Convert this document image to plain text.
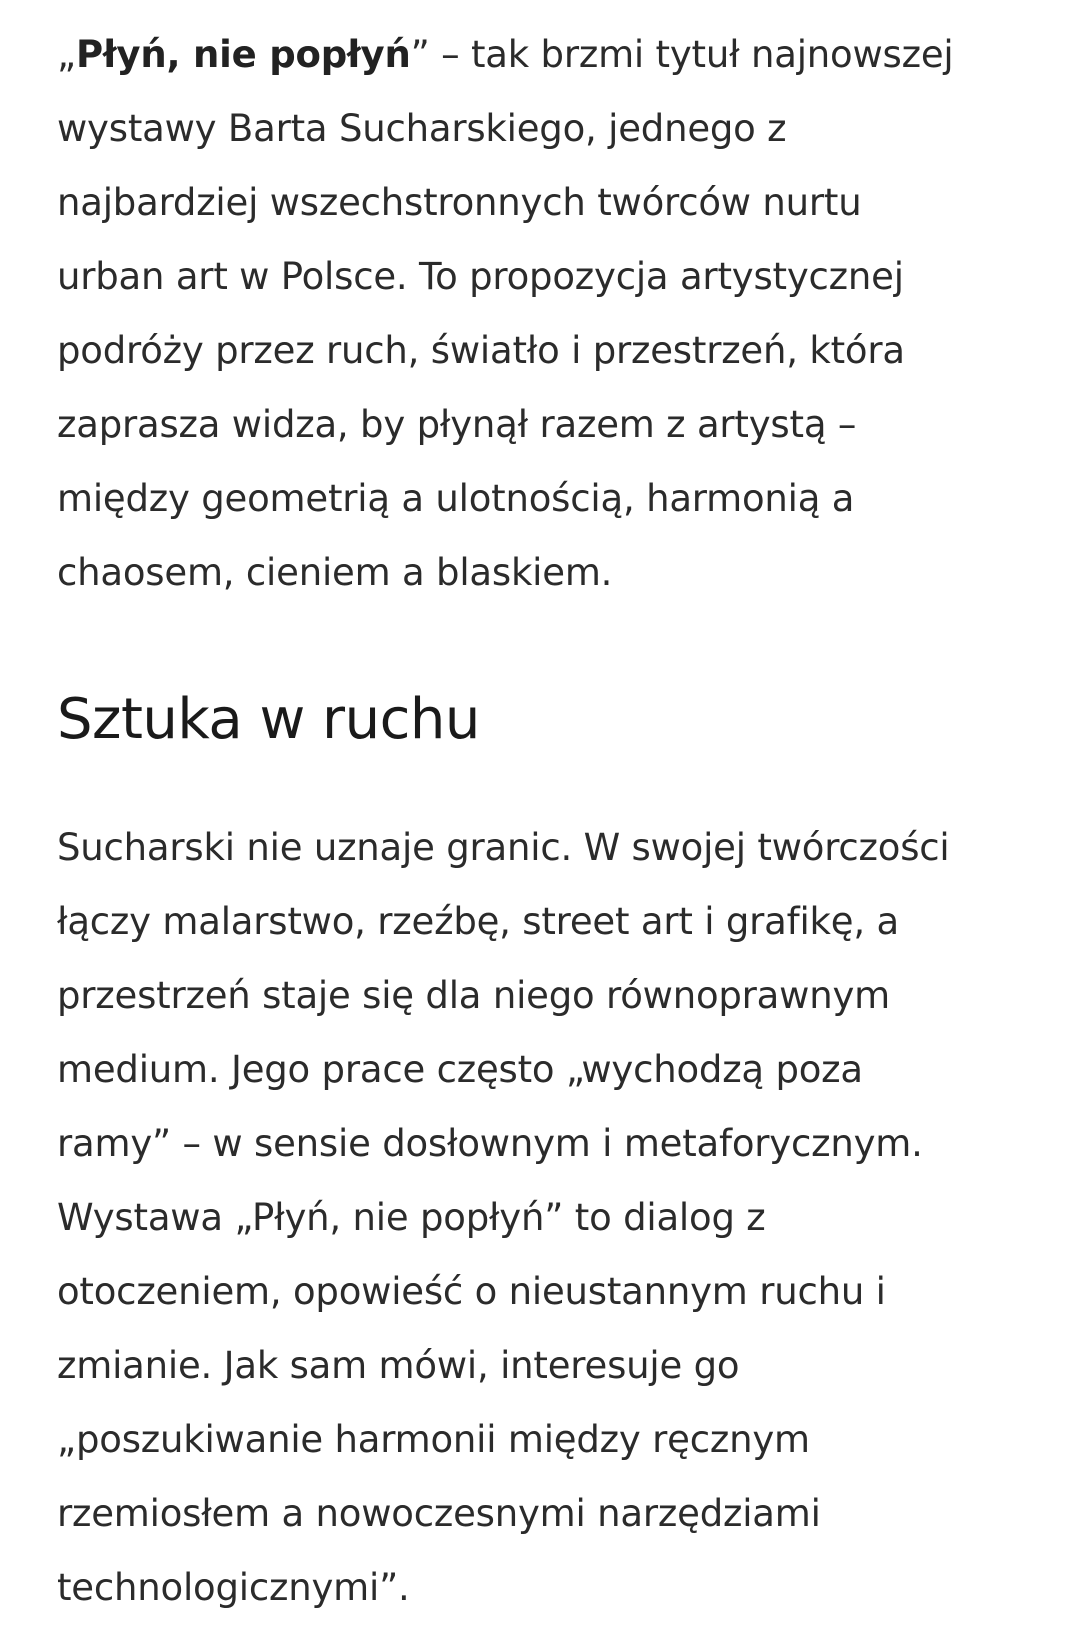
„Płyń, nie popłyń” – tak brzmi tytuł najnowszej
wystawy Barta Sucharskiego, jednego z
najbardziej wszechstronnych twórców nurtu
urban art w Polsce. To propozycja artystycznej
podróży przez ruch, światło i przestrzeń, która
zaprasza widza, by płynął razem z artystą –
między geometrią a ulotnością, harmonią a
chaosem, cieniem a blaskiem.

Sztuka w ruchu

Sucharski nie uznaje granic. W swojej twórczości
łączy malarstwo, rzeźbę, street art i grafikę, a
przestrzeń staje się dla niego równoprawnym
medium. Jego prace często „wychodzą poza
ramy” – w sensie dosłownym i metaforycznym.
Wystawa „Płyń, nie popłyń” to dialog z
otoczeniem, opowieść o nieustannym ruchu i
zmianie. Jak sam mówi, interesuje go
„poszukiwanie harmonii między ręcznym
rzemiosłem a nowoczesnymi narzędziami
technologicznymi”.
